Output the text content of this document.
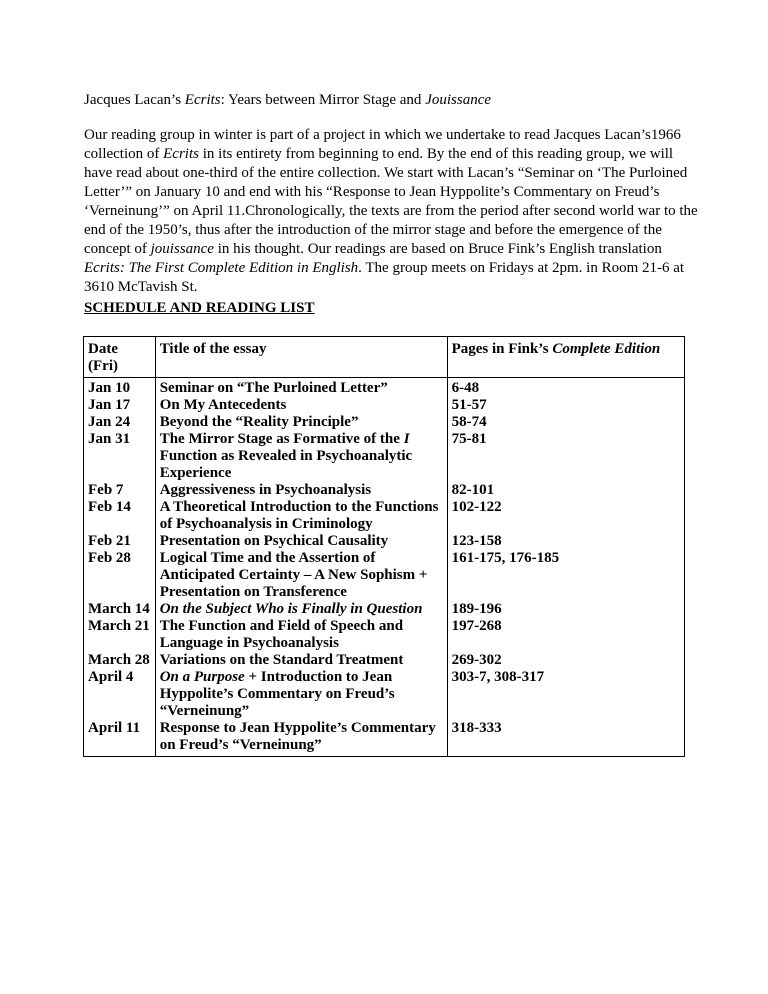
Jacques Lacan’s Ecrits: Years between Mirror Stage and Jouissance

Our reading group in winter is part of a project in which we undertake to read Jacques Lacan’s1966 collection of Ecrits in its entirety from beginning to end. By the end of this reading group, we will have read about one-third of the entire collection. We start with Lacan’s “Seminar on ‘The Purloined Letter’” on January 10 and end with his “Response to Jean Hyppolite’s Commentary on Freud’s ‘Verneinung’” on April 11.Chronologically, the texts are from the period after second world war to the end of the 1950’s, thus after the introduction of the mirror stage and before the emergence of the concept of jouissance in his thought. Our readings are based on Bruce Fink’s English translation Ecrits: The First Complete Edition in English. The group meets on Fridays at 2pm. in Room 21-6 at 3610 McTavish St.

SCHEDULE AND READING LIST
Date (Fri)	Title of the essay	Pages in Fink’s Complete Edition
Jan 10	Seminar on “The Purloined Letter”	6-48
Jan 17	On My Antecedents	51-57
Jan 24	Beyond the “Reality Principle”	58-74
Jan 31	The Mirror Stage as Formative of the I Function as Revealed in Psychoanalytic Experience	75-81
Feb 7	Aggressiveness in Psychoanalysis	82-101
Feb 14	A Theoretical Introduction to the Functions of Psychoanalysis in Criminology	102-122
Feb 21	Presentation on Psychical Causality	123-158
Feb 28	Logical Time and the Assertion of Anticipated Certainty – A New Sophism + Presentation on Transference	161-175, 176-185
March 14	On the Subject Who is Finally in Question	189-196
March 21	The Function and Field of Speech and Language in Psychoanalysis	197-268
March 28	Variations on the Standard Treatment	269-302
April 4	On a Purpose + Introduction to Jean Hyppolite’s Commentary on Freud’s “Verneinung”	303-7, 308-317
April 11	Response to Jean Hyppolite’s Commentary on Freud’s “Verneinung”	318-333
